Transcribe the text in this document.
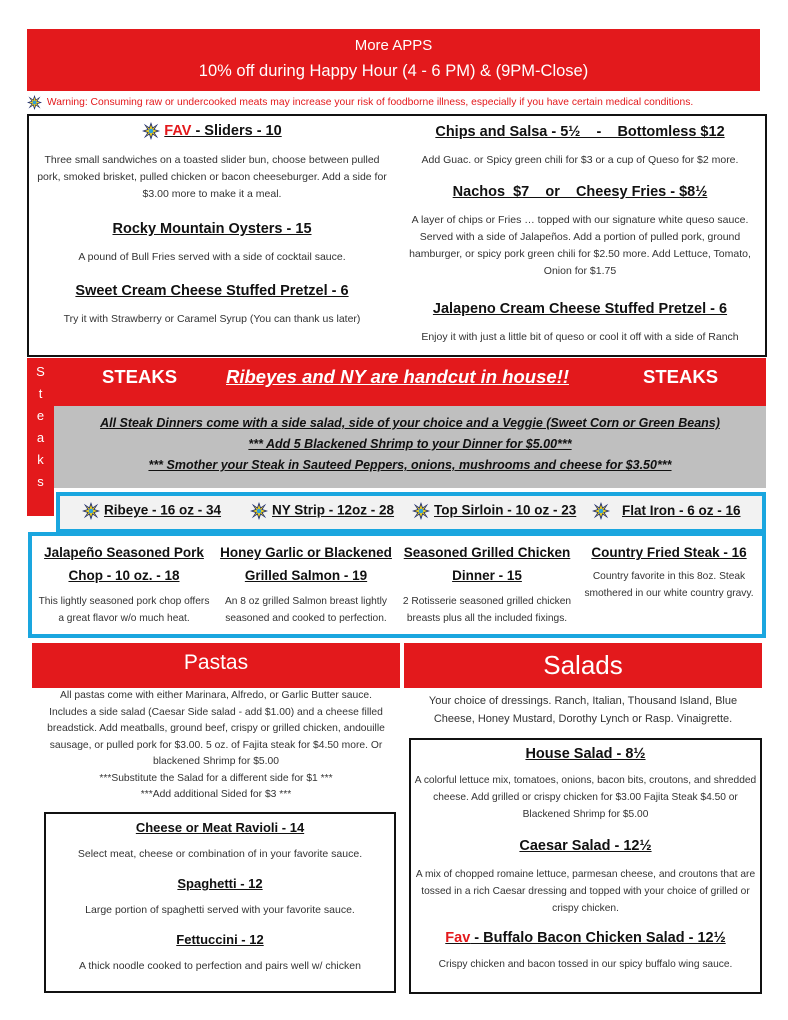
More APPS
10% off during Happy Hour (4 - 6 PM) & (9PM-Close)
Warning: Consuming raw or undercooked meats may increase your risk of foodborne illness, especially if you have certain medical conditions.
FAV - Sliders - 10
Three small sandwiches on a toasted slider bun, choose between pulled pork, smoked brisket, pulled chicken or bacon cheeseburger. Add a side for $3.00 more to make it a meal.
Rocky Mountain Oysters - 15
A pound of Bull Fries served with a side of cocktail sauce.
Sweet Cream Cheese Stuffed Pretzel - 6
Try it with Strawberry or Caramel Syrup (You can thank us later)
Chips and Salsa - 5½    -    Bottomless $12
Add Guac. or Spicy green chili for $3 or a cup of Queso for $2 more.
Nachos  $7    or    Cheesy Fries - $8½
A layer of chips or Fries … topped with our signature white queso sauce. Served with a side of Jalapeños. Add a portion of pulled pork, ground hamburger, or spicy pork green chili for $2.50 more. Add Lettuce, Tomato, Onion for $1.75
Jalapeno Cream Cheese Stuffed Pretzel - 6
Enjoy it with just a little bit of queso or cool it off with a side of Ranch
S
t
e
a
k
s
STEAKS	Ribeyes and NY are handcut in house!!	STEAKS
All Steak Dinners come with a side salad, side of your choice and a Veggie (Sweet Corn or Green Beans)
*** Add 5 Blackened Shrimp to your Dinner for $5.00***
*** Smother your Steak in Sauteed Peppers, onions, mushrooms and cheese for $3.50***
Ribeye - 16 oz - 34	NY Strip - 12oz - 28	Top Sirloin - 10 oz - 23	Flat Iron - 6 oz - 16
Jalapeño Seasoned Pork Chop - 10 oz. - 18
This lightly seasoned pork chop offers a great flavor w/o much heat.
Honey Garlic or Blackened Grilled Salmon - 19
An 8 oz grilled Salmon breast lightly seasoned and cooked to perfection.
Seasoned Grilled Chicken Dinner - 15
2 Rotisserie seasoned grilled chicken breasts plus all the included fixings.
Country Fried Steak - 16
Country favorite in this 8oz. Steak smothered in our white country gravy.
Pastas
All pastas come with either Marinara, Alfredo, or Garlic Butter sauce. Includes a side salad (Caesar Side salad - add $1.00) and a cheese filled breadstick. Add meatballs, ground beef, crispy or grilled chicken, andouille sausage, or pulled pork for $3.00. 5 oz. of Fajita steak for $4.50 more. Or blackened Shrimp for $5.00
***Substitute the Salad for a different side for $1 ***
***Add additional Sided for $3 ***
Cheese or Meat Ravioli - 14
Select meat, cheese or combination of in your favorite sauce.
Spaghetti - 12
Large portion of spaghetti served with your favorite sauce.
Fettuccini - 12
A thick noodle cooked to perfection and pairs well w/ chicken
Salads
Your choice of dressings. Ranch, Italian, Thousand Island, Blue Cheese, Honey Mustard, Dorothy Lynch or Rasp. Vinaigrette.
House Salad - 8½
A colorful lettuce mix, tomatoes, onions, bacon bits, croutons, and shredded cheese. Add grilled or crispy chicken for $3.00 Fajita Steak $4.50 or Blackened Shrimp for $5.00
Caesar Salad - 12½
A mix of chopped romaine lettuce, parmesan cheese, and croutons that are tossed in a rich Caesar dressing and topped with your choice of grilled or crispy chicken.
Fav - Buffalo Bacon Chicken Salad - 12½
Crispy chicken and bacon tossed in our spicy buffalo wing sauce.
